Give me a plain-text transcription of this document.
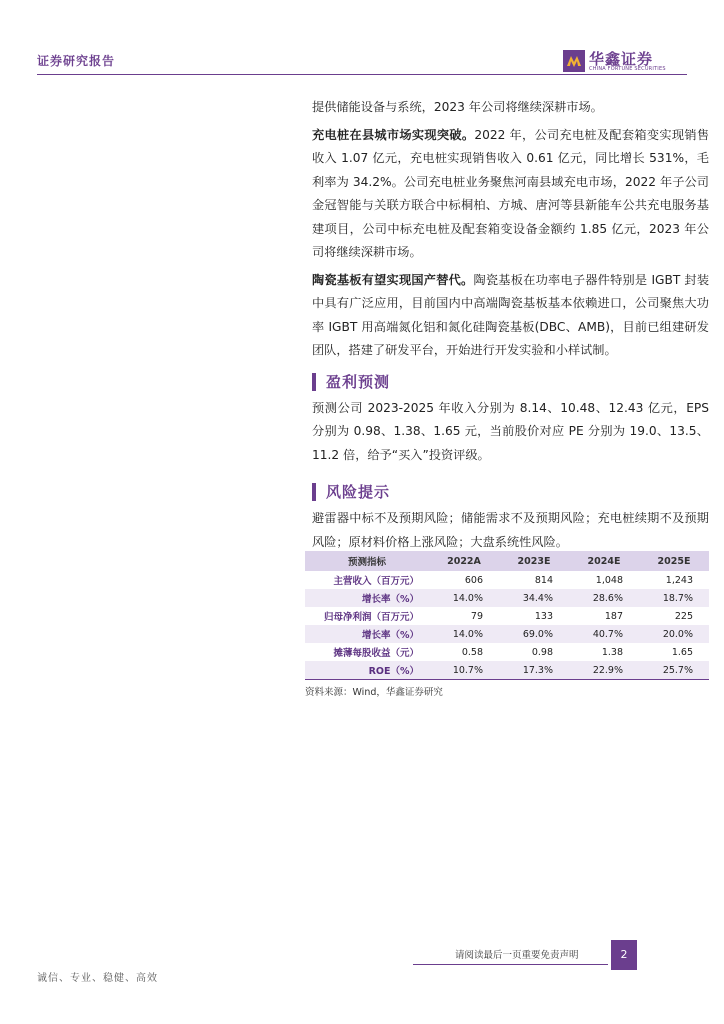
证券研究报告	华鑫证券
CHINA FORTUNE SECURITIES

提供储能设备与系统，2023 年公司将继续深耕市场。

充电桩在县城市场实现突破。2022 年，公司充电桩及配套箱变实现销售收入 1.07 亿元，充电桩实现销售收入 0.61 亿元，同比增长 531%，毛利率为 34.2%。公司充电桩业务聚焦河南县域充电市场，2022 年子公司金冠智能与关联方联合中标桐柏、方城、唐河等县新能车公共充电服务基建项目，公司中标充电桩及配套箱变设备金额约 1.85 亿元，2023 年公司将继续深耕市场。

陶瓷基板有望实现国产替代。陶瓷基板在功率电子器件特别是 IGBT 封装中具有广泛应用，目前国内中高端陶瓷基板基本依赖进口，公司聚焦大功率 IGBT 用高端氮化铝和氮化硅陶瓷基板(DBC、AMB)，目前已组建研发团队，搭建了研发平台，开始进行开发实验和小样试制。

盈利预测

预测公司 2023-2025 年收入分别为 8.14、10.48、12.43 亿元，EPS 分别为 0.98、1.38、1.65 元，当前股价对应 PE 分别为 19.0、13.5、11.2 倍，给予“买入”投资评级。

风险提示

避雷器中标不及预期风险；储能需求不及预期风险；充电桩续期不及预期风险；原材料价格上涨风险；大盘系统性风险。

预测指标	2022A	2023E	2024E	2025E
主营收入（百万元）	606	814	1,048	1,243
增长率（%）	14.0%	34.4%	28.6%	18.7%
归母净利润（百万元）	79	133	187	225
增长率（%）	14.0%	69.0%	40.7%	20.0%
摊薄每股收益（元）	0.58	0.98	1.38	1.65
ROE（%）	10.7%	17.3%	22.9%	25.7%
资料来源：Wind，华鑫证券研究
请阅读最后一页重要免责声明	2
诚信、专业、稳健、高效
